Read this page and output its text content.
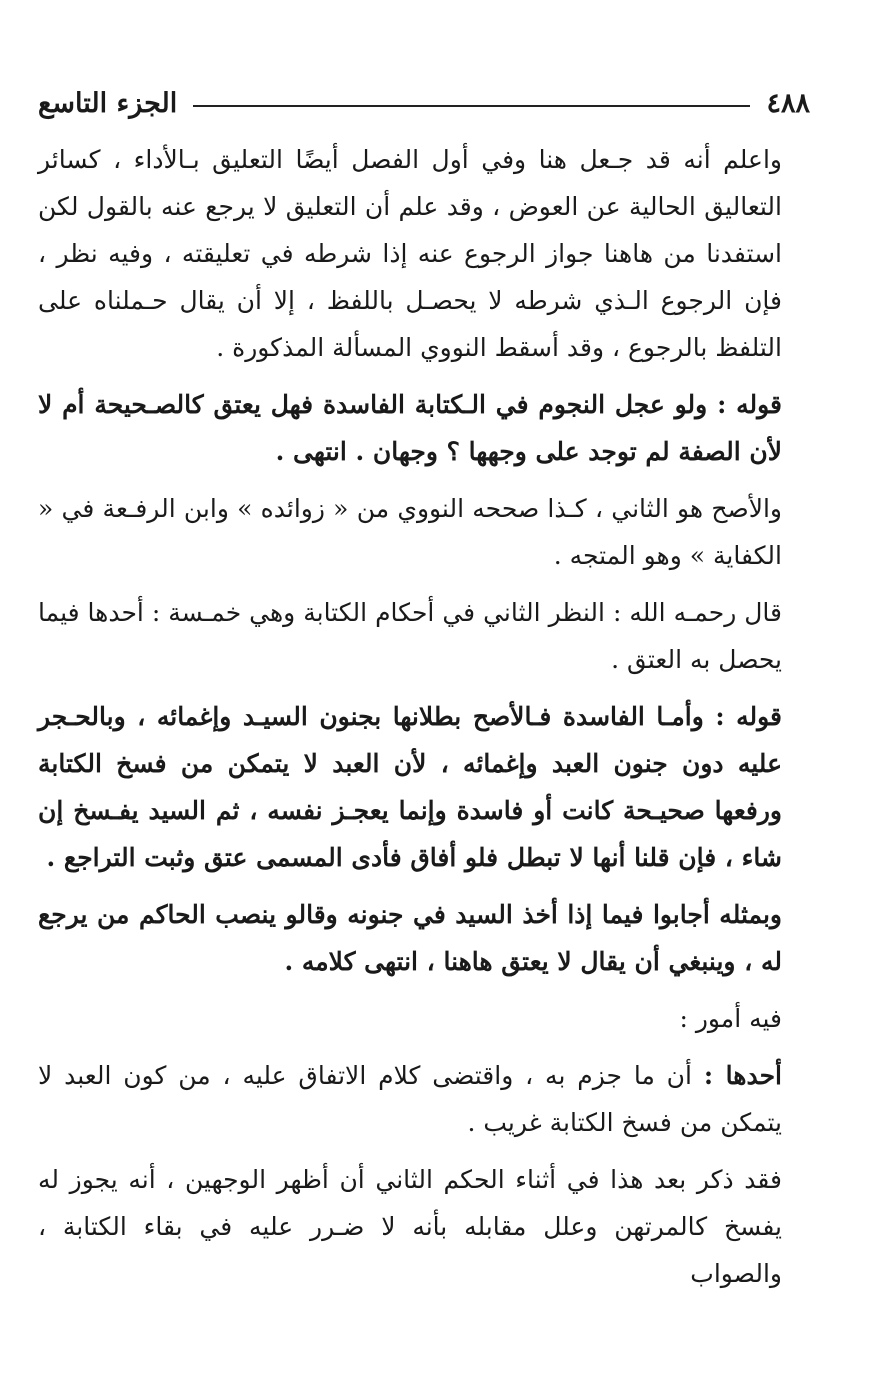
٤٨٨
الجزء التاسع

واعلم أنه قد جـعل هنا وفي أول الفصل أيضًا التعليق بـالأداء ، كسائر التعاليق الحالية عن العوض ، وقد علم أن التعليق لا يرجع عنه بالقول لكن استفدنا من هاهنا جواز الرجوع عنه إذا شرطه في تعليقته ، وفيه نظر ، فإن الرجوع الـذي شرطه لا يحصـل باللفظ ، إلا أن يقال حـملناه على التلفظ بالرجوع ، وقد أسقط النووي المسألة المذكورة .

قوله : ولو عجل النجوم في الـكتابة الفاسدة فهل يعتق كالصـحيحة أم لا لأن الصفة لم توجد على وجهها ؟ وجهان . انتهى .

والأصح هو الثاني ، كـذا صححه النووي من « زوائده » وابن الرفـعة في « الكفاية » وهو المتجه .

قال رحمـه الله : النظر الثاني في أحكام الكتابة وهي خمـسة : أحدها فيما يحصل به العتق .

قوله : وأمـا الفاسدة فـالأصح بطلانها بجنون السيـد وإغمائه ، وبالحـجر عليه دون جنون العبد وإغمائه ، لأن العبد لا يتمكن من فسخ الكتابة ورفعها صحيـحة كانت أو فاسدة وإنما يعجـز نفسه ، ثم السيد يفـسخ إن شاء ، فإن قلنا أنها لا تبطل فلو أفاق فأدى المسمى عتق وثبت التراجع .

وبمثله أجابوا فيما إذا أخذ السيد في جنونه وقالو ينصب الحاكم من يرجع له ، وينبغي أن يقال لا يعتق هاهنا ، انتهى كلامه .

فيه أمور :

أحدها : أن ما جزم به ، واقتضى كلام الاتفاق عليه ، من كون العبد لا يتمكن من فسخ الكتابة غريب .

فقد ذكر بعد هذا في أثناء الحكم الثاني أن أظهر الوجهين ، أنه يجوز له يفسخ كالمرتهن وعلل مقابله بأنه لا ضـرر عليه في بقاء الكتابة ، والصواب
